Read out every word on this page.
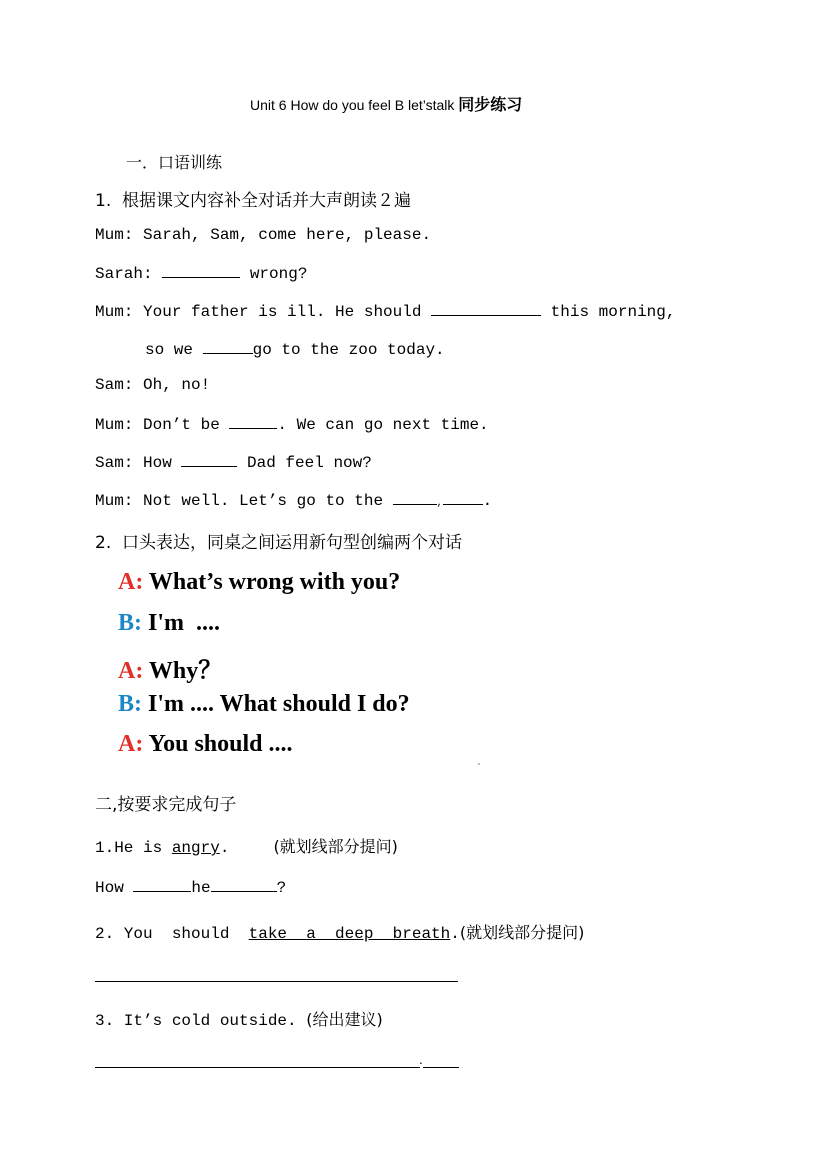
Unit 6 How do you feel B let’stalk 同步练习
一．口语训练
1.  根据课文内容补全对话并大声朗读２遍
Mum: Sarah, Sam, come here, please.
Sarah:	wrong?
Mum: Your father is ill. He should	this morning,
so we	go to the zoo today.
Sam: Oh, no!
Mum: Don’t be	. We can go next time.
Sam: How	Dad feel now?
Mum: Not well. Let’s go to the	,	.
2.  口头表达，同桌之间运用新句型创编两个对话
A: What’s wrong with you?
B: I'm  ....
A: Why？
B: I'm .... What should I do?
A: You should ....
二,按要求完成句子
1.He is angry.	(就划线部分提问)
How	he	?
2. You  should  take  a  deep  breath.(就划线部分提问)
3. It’s cold outside. (给出建议)
.
